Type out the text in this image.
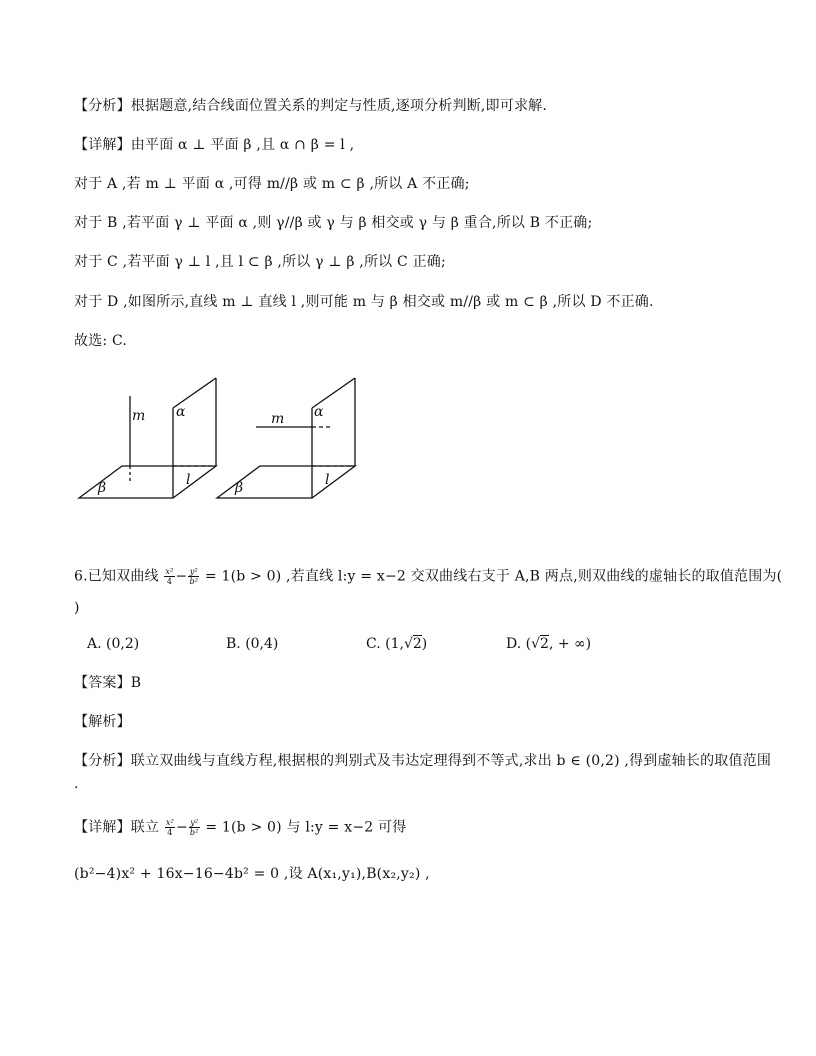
【分析】根据题意,结合线面位置关系的判定与性质,逐项分析判断,即可求解.
【详解】由平面 α ⊥ 平面 β ,且 α ∩ β = l ,
对于 A ,若 m ⊥ 平面 α ,可得 m//β 或 m ⊂ β ,所以 A 不正确;
对于 B ,若平面 γ ⊥ 平面 α ,则 γ//β 或 γ 与 β 相交或 γ 与 β 重合,所以 B 不正确;
对于 C ,若平面 γ ⊥ l ,且 l ⊂ β ,所以 γ ⊥ β ,所以 C 正确;
对于 D ,如图所示,直线 m ⊥ 直线 l ,则可能 m 与 β 相交或 m//β 或 m ⊂ β ,所以 D 不正确.
故选: C.
m α
β	l
m α
β	l
6.已知双曲线 $\frac{\text{x²}}{4} - \frac{\text{y²}}{\text{b²}} = 1(b > 0)$ ,若直线 l:y = x−2 交双曲线右支于 A,B 两点,则双曲线的虚轴长的取值范围为(
)
A. (0,2)	B. (0,4)	C. (1,√2)	D. (√2, + ∞)
【答案】B
【解析】
【分析】联立双曲线与直线方程,根据根的判别式及韦达定理得到不等式,求出 b ∈ (0,2) ,得到虚轴长的取值范围
.
【详解】联立 $\frac{\text{x²}}{4} - \frac{\text{y²}}{\text{b²}} = 1(b > 0)$ 与 l:y = x−2 可得
(b²−4)x² + 16x−16−4b² = 0 ,设 A(x₁,y₁),B(x₂,y₂) ,
